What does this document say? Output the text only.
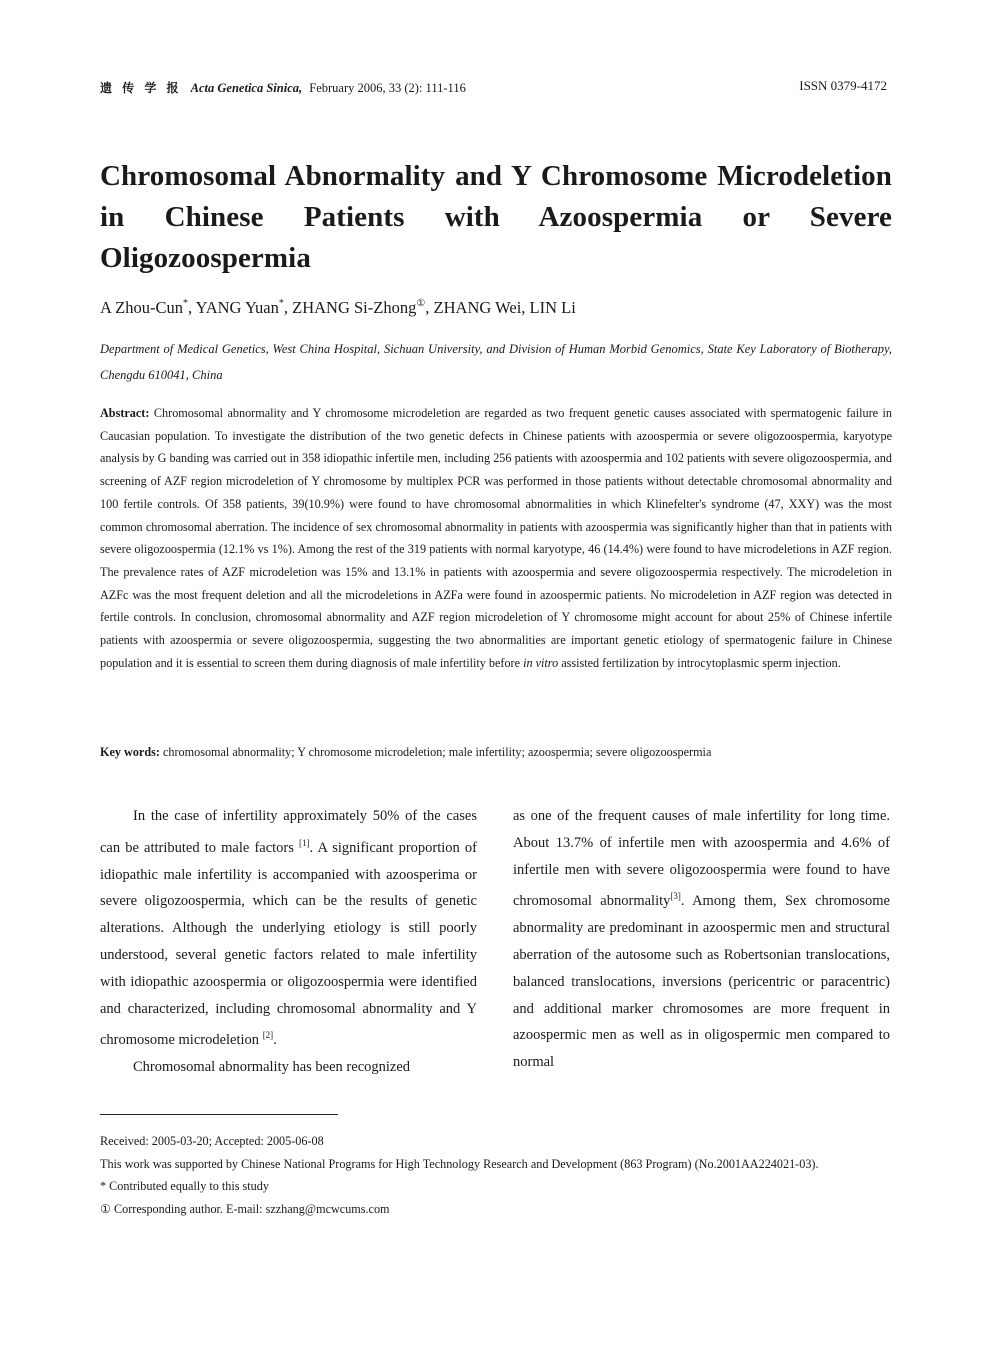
遗 传 学 报 Acta Genetica Sinica, February 2006, 33 (2): 111-116	ISSN 0379-4172
Chromosomal Abnormality and Y Chromosome Microdeletion in Chinese Patients with Azoospermia or Severe Oligozoospermia
A Zhou-Cun*, YANG Yuan*, ZHANG Si-Zhong①, ZHANG Wei, LIN Li
Department of Medical Genetics, West China Hospital, Sichuan University, and Division of Human Morbid Genomics, State Key Laboratory of Biotherapy, Chengdu 610041, China
Abstract: Chromosomal abnormality and Y chromosome microdeletion are regarded as two frequent genetic causes associated with spermatogenic failure in Caucasian population. To investigate the distribution of the two genetic defects in Chinese patients with azoospermia or severe oligozoospermia, karyotype analysis by G banding was carried out in 358 idiopathic infertile men, including 256 patients with azoospermia and 102 patients with severe oligozoospermia, and screening of AZF region microdeletion of Y chromosome by multiplex PCR was performed in those patients without detectable chromosomal abnormality and 100 fertile controls. Of 358 patients, 39(10.9%) were found to have chromosomal abnormalities in which Klinefelter's syndrome (47, XXY) was the most common chromosomal aberration. The incidence of sex chromosomal abnormality in patients with azoospermia was significantly higher than that in patients with severe oligozoospermia (12.1% vs 1%). Among the rest of the 319 patients with normal karyotype, 46 (14.4%) were found to have microdeletions in AZF region. The prevalence rates of AZF microdeletion was 15% and 13.1% in patients with azoospermia and severe oligozoospermia respectively. The microdeletion in AZFc was the most frequent deletion and all the microdeletions in AZFa were found in azoospermic patients. No microdeletion in AZF region was detected in fertile controls. In conclusion, chromosomal abnormality and AZF region microdeletion of Y chromosome might account for about 25% of Chinese infertile patients with azoospermia or severe oligozoospermia, suggesting the two abnormalities are important genetic etiology of spermatogenic failure in Chinese population and it is essential to screen them during diagnosis of male infertility before in vitro assisted fertilization by introcytoplasmic sperm injection.
Key words: chromosomal abnormality; Y chromosome microdeletion; male infertility; azoospermia; severe oligozoospermia

In the case of infertility approximately 50% of the cases can be attributed to male factors [1]. A significant proportion of idiopathic male infertility is accompanied with azoosperima or severe oligozoospermia, which can be the results of genetic alterations. Although the underlying etiology is still poorly understood, several genetic factors related to male infertility with idiopathic azoospermia or oligozoospermia were identified and characterized, including chromosomal abnormality and Y chromosome microdeletion [2].

Chromosomal abnormality has been recognized

as one of the frequent causes of male infertility for long time. About 13.7% of infertile men with azoospermia and 4.6% of infertile men with severe oligozoospermia were found to have chromosomal abnormality[3]. Among them, Sex chromosome abnormality are predominant in azoospermic men and structural aberration of the autosome such as Robertsonian translocations, balanced translocations, inversions (pericentric or paracentric) and additional marker chromosomes are more frequent in azoospermic men as well as in oligospermic men compared to normal

Received: 2005-03-20; Accepted: 2005-06-08

This work was supported by Chinese National Programs for High Technology Research and Development (863 Program) (No.2001AA224021-03).

* Contributed equally to this study

① Corresponding author. E-mail: szzhang@mcwcums.com
